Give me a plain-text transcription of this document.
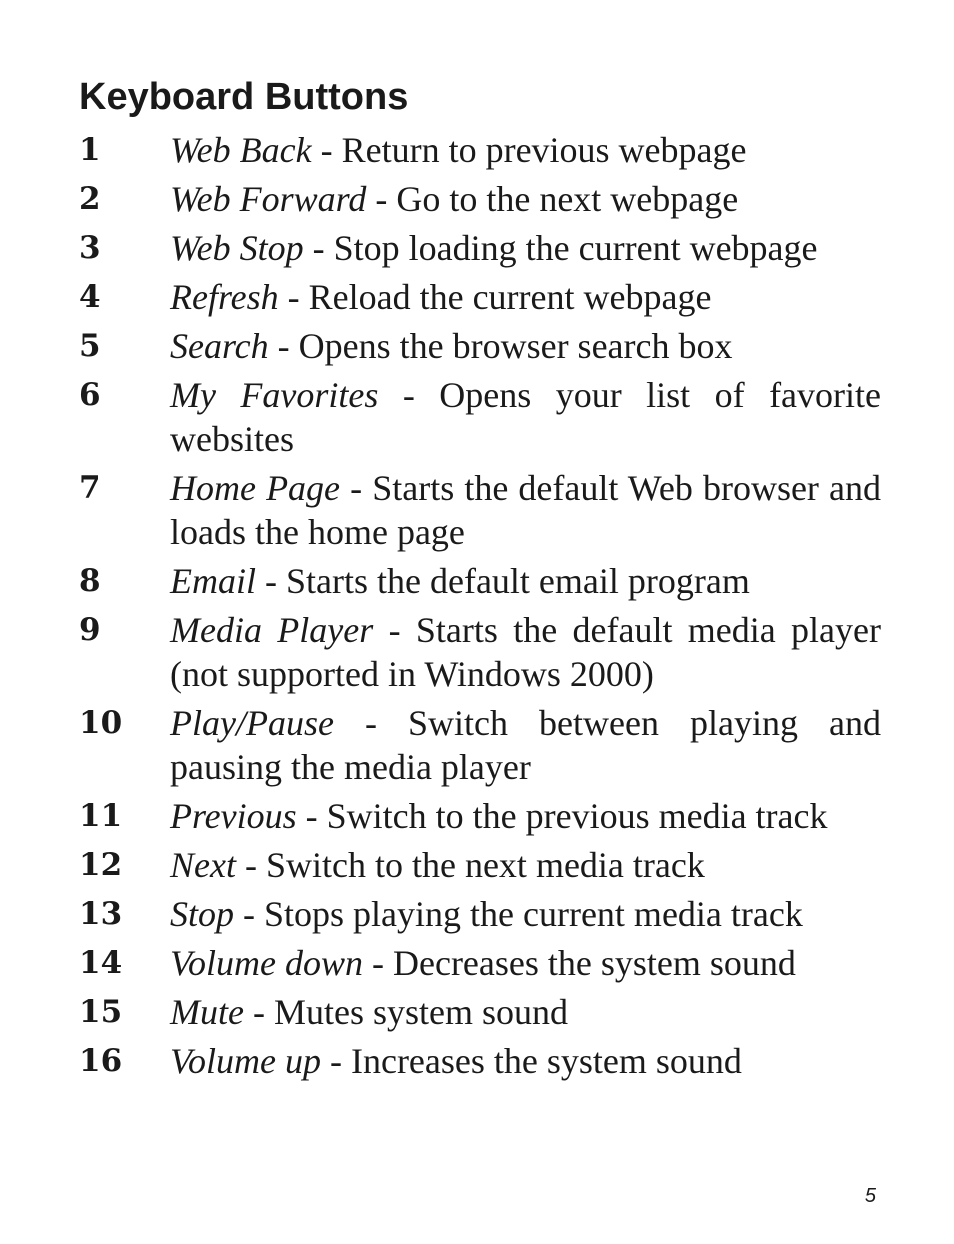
Keyboard Buttons
1	Web Back - Return to previous webpage
2	Web Forward - Go to the next webpage
3	Web Stop - Stop loading the current webpage
4	Refresh - Reload the current webpage
5	Search - Opens the browser search box
6	My Favorites - Opens your list of favorite websites
7	Home Page - Starts the default Web browser and loads the home page
8	Email - Starts the default email program
9	Media Player - Starts the default media player (not supported in Windows 2000)
10	Play/Pause - Switch between playing and pausing the media player
11	Previous - Switch to the previous media track
12	Next - Switch to the next media track
13	Stop - Stops playing the current media track
14	Volume down - Decreases the system sound
15	Mute - Mutes system sound
16	Volume up - Increases the system sound
5
